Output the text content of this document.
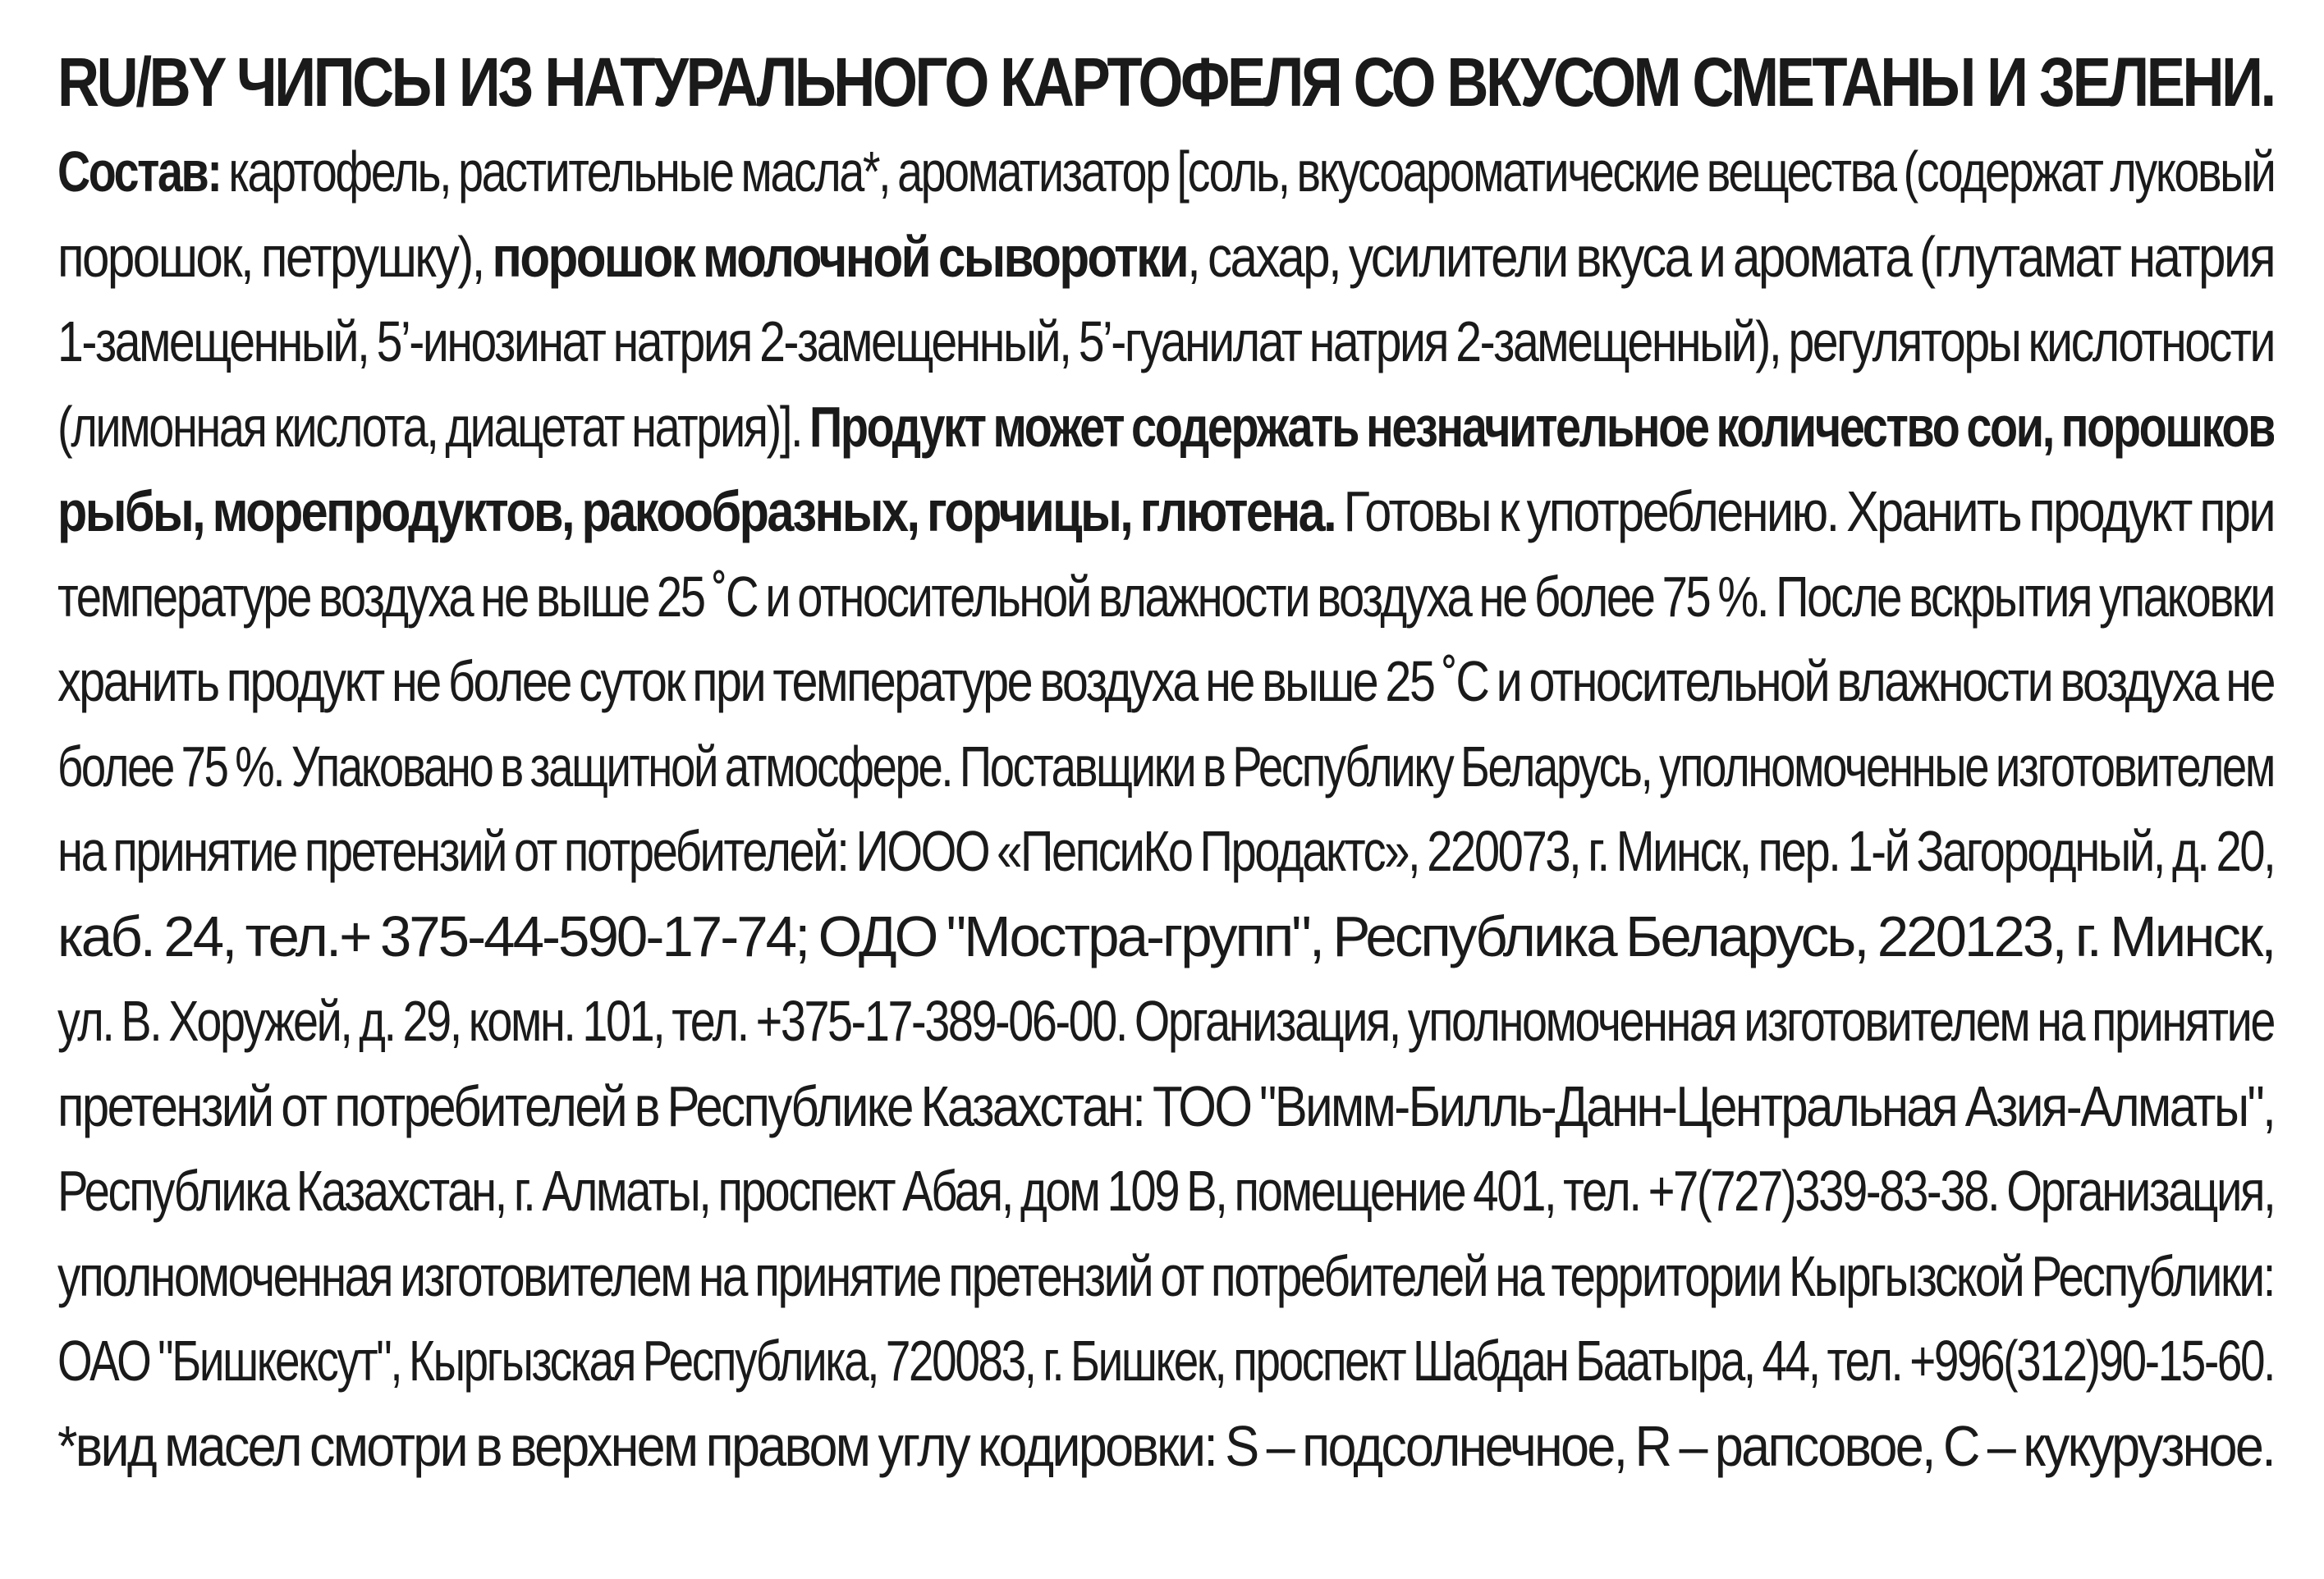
RU/BY ЧИПСЫ ИЗ НАТУРАЛЬНОГО КАРТОФЕЛЯ СО ВКУСОМ СМЕТАНЫ И ЗЕЛЕНИ.
Состав: картофель, растительные масла*, ароматизатор [соль, вкусоароматические вещества (содержат луковый
порошок, петрушку), порошок молочной сыворотки, сахар, усилители вкуса и аромата (глутамат натрия
1-замещенный, 5’-инозинат натрия 2-замещенный, 5’-гуанилат натрия 2-замещенный), регуляторы кислотности
(лимонная кислота, диацетат натрия)]. Продукт может содержать незначительное количество сои, порошков
рыбы, морепродуктов, ракообразных, горчицы, глютена. Готовы к употреблению. Хранить продукт при
температуре воздуха не выше 25 ˚С и относительной влажности воздуха не более 75 %. После вскрытия упаковки
хранить продукт не более суток при температуре воздуха не выше 25 ˚С и относительной влажности воздуха не
более 75 %. Упаковано в защитной атмосфере. Поставщики в Республику Беларусь, уполномоченные изготовителем
на принятие претензий от потребителей: ИООО «ПепсиКо Продактс», 220073, г. Минск, пер. 1-й Загородный, д. 20,
каб. 24, тел.+ 375-44-590-17-74; ОДО "Мостра-групп", Республика Беларусь, 220123, г. Минск,
ул. В. Хоружей, д. 29, комн. 101, тел. +375-17-389-06-00. Организация, уполномоченная изготовителем на принятие
претензий от потребителей в Республике Казахстан: ТОО "Вимм-Билль-Данн-Центральная Азия-Алматы",
Республика Казахстан, г. Алматы, проспект Абая, дом 109 В, помещение 401, тел. +7(727)339-83-38. Организация,
уполномоченная изготовителем на принятие претензий от потребителей на территории Кыргызской Республики:
ОАО "Бишкексут", Кыргызская Республика, 720083, г. Бишкек, проспект Шабдан Баатыра, 44, тел. +996(312)90-15-60.
*вид масел смотри в верхнем правом углу кодировки: S – подсолнечное, R – рапсовое, С – кукурузное.
